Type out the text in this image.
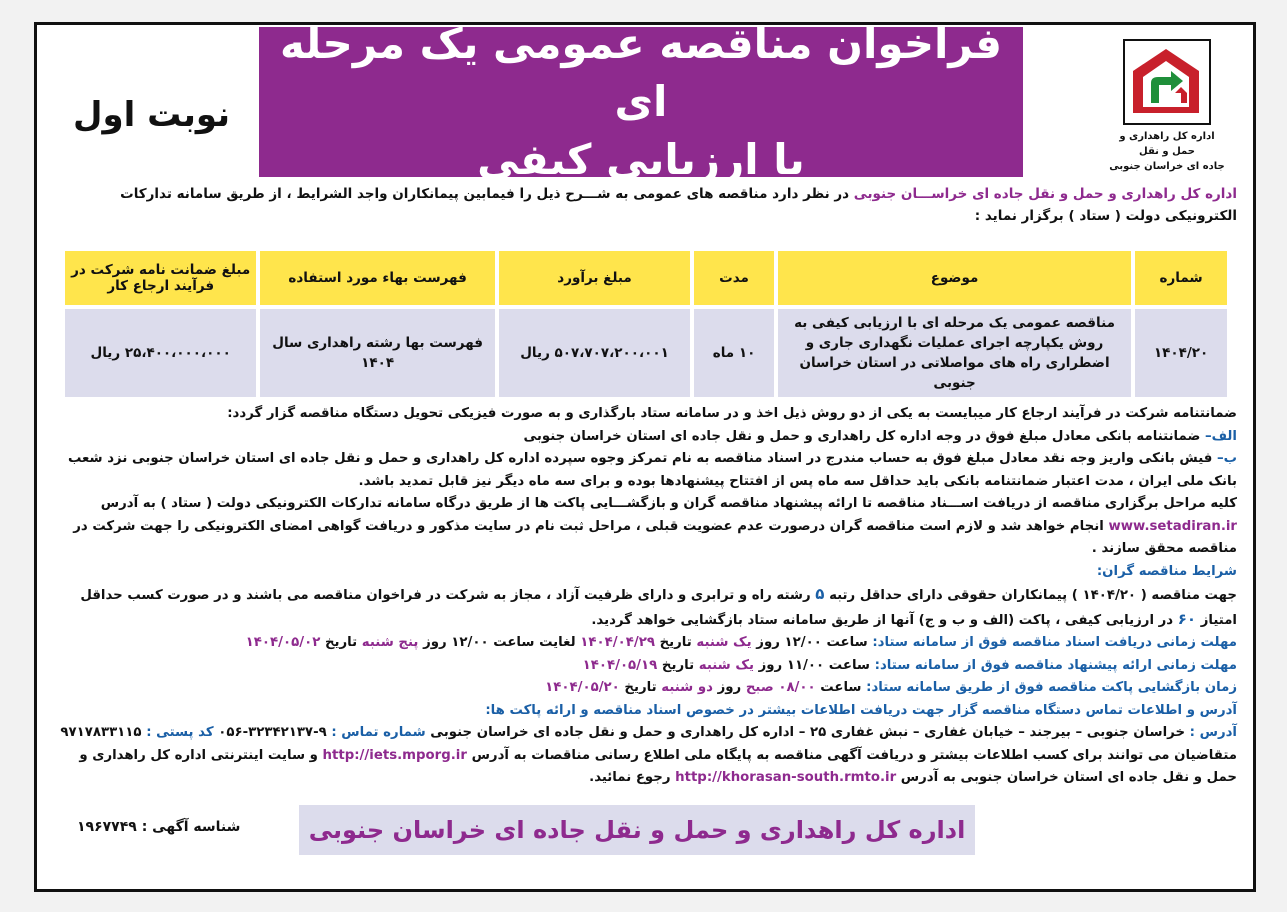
اداره کل راهداری و حمل و نقل
جاده ای خراسان جنوبی
فراخوان مناقصه عمومی یک مرحله ای
با ارزیابی کیفی
نوبت اول
اداره کل راهداری و حمل و نقل جاده ای خراســـان جنوبی در نظر دارد مناقصه های عمومی به شـــرح ذیل را فیمابین پیمانکاران واجد الشرایط ، از طریق سامانه تدارکات الکترونیکی دولت ( ستاد ) برگزار نماید :
شماره	موضوع	مدت	مبلغ برآورد	فهرست بهاء مورد استفاده	مبلغ ضمانت نامه شرکت در فرآیند ارجاع کار
۱۴۰۴/۲۰	مناقصه عمومی یک مرحله ای با ارزیابی کیفی به روش یکپارچه اجرای عملیات نگهداری جاری و اضطراری راه های مواصلاتی در استان خراسان جنوبی	۱۰ ماه	۵۰۷،۷۰۷،۲۰۰،۰۰۱ ریال	فهرست بها رشته راهداری سال ۱۴۰۴	۲۵،۴۰۰،۰۰۰،۰۰۰ ریال

ضمانتنامه شرکت در فرآیند ارجاع کار میبایست به یکی از دو روش ذیل اخذ و در سامانه ستاد بارگذاری و به صورت فیزیکی تحویل دستگاه مناقصه گزار گردد:

الف– ضمانتنامه بانکی معادل مبلغ فوق در وجه اداره کل راهداری و حمل و نقل جاده ای استان خراسان جنوبی

ب– فیش بانکی واریز وجه نقد معادل مبلغ فوق به حساب مندرج در اسناد مناقصه به نام تمرکز وجوه سپرده اداره کل راهداری و حمل و نقل جاده ای استان خراسان جنوبی نزد شعب بانک ملی ایران ، مدت اعتبار ضمانتنامه بانکی باید حداقل سه ماه پس از افتتاح پیشنهادها بوده و برای سه ماه دیگر نیز قابل تمدید باشد.

کلیه مراحل برگزاری مناقصه از دریافت اســـناد مناقصه تا ارائه پیشنهاد مناقصه گران و بازگشـــایی پاکت ها از طریق درگاه سامانه تدارکات الکترونیکی دولت ( ستاد ) به آدرس www.setadiran.ir انجام خواهد شد و لازم است مناقصه گران درصورت عدم عضویت قبلی ، مراحل ثبت نام در سایت مذکور و دریافت گواهی امضای الکترونیکی را جهت شرکت در مناقصه محقق سازند .

شرایط مناقصه گران:

جهت مناقصه ( ۱۴۰۴/۲۰ ) پیمانکاران حقوقی دارای حداقل رتبه ۵ رشته راه و ترابری و دارای ظرفیت آزاد ، مجاز به شرکت در فراخوان مناقصه می باشند و در صورت کسب حداقل امتیاز ۶۰ در ارزیابی کیفی ، پاکت (الف و ب و ج) آنها از طریق سامانه ستاد بازگشایی خواهد گردید.

مهلت زمانی دریافت اسناد مناقصه فوق از سامانه ستاد: ساعت ۱۲/۰۰ روز یک شنبه تاریخ ۱۴۰۴/۰۴/۲۹ لغایت ساعت ۱۲/۰۰ روز پنج شنبه تاریخ ۱۴۰۴/۰۵/۰۲

مهلت زمانی ارائه پیشنهاد مناقصه فوق از سامانه ستاد: ساعت ۱۱/۰۰ روز یک شنبه تاریخ ۱۴۰۴/۰۵/۱۹

زمان بازگشایی پاکت مناقصه فوق از طریق سامانه ستاد: ساعت ۰۸/۰۰ صبح روز دو شنبه تاریخ ۱۴۰۴/۰۵/۲۰

آدرس و اطلاعات تماس دستگاه مناقصه گزار جهت دریافت اطلاعات بیشتر در خصوص اسناد مناقصه و ارائه پاکت ها:

آدرس : خراسان جنوبی – بیرجند – خیابان غفاری – نبش غفاری ۲۵ – اداره کل راهداری و حمل و نقل جاده ای خراسان جنوبی شماره تماس : ۹-۳۲۳۴۲۱۳۷-۰۵۶ کد پستی : ۹۷۱۷۸۳۳۱۱۵

متقاضیان می توانند برای کسب اطلاعات بیشتر و دریافت آگهی مناقصه به پایگاه ملی اطلاع رسانی مناقصات به آدرس http://iets.mporg.ir و سایت اینترنتی اداره کل راهداری و حمل و نقل جاده ای استان خراسان جنوبی به آدرس http://khorasan-south.rmto.ir رجوع نمائید.

شناسه آگهی : ۱۹۶۷۷۴۹	اداره کل راهداری و حمل و نقل جاده ای خراسان جنوبی
